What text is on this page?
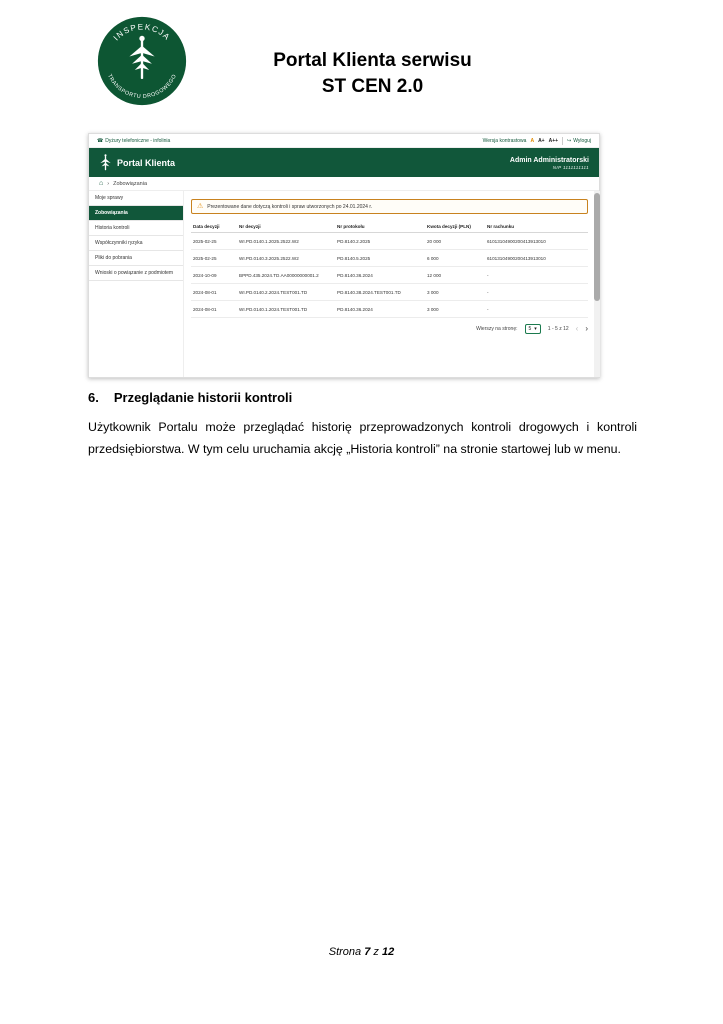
INSPEKCJA
TRANSPORTU DROGOWEGO
Portal Klienta serwisu
ST CEN 2.0
☎ Dyżury telefoniczne - infolinia	Wersja kontrastowa A A+ A++ ↪ Wyloguj
Portal Klienta	Admin Administratorski
NIP 1111111111
⌂ › Zobowiązania
Moje sprawy
Zobowiązania
Historia kontroli
Współczynniki ryzyka
Pliki do pobrania
Wnioski o powiązanie z podmiotem
⚠ Prezentowane dane dotyczą kontroli i spraw utworzonych po 24.01.2024 r.
Data decyzji	Nr decyzji	Nr protokołu	Kwota decyzji (PLN)	Nr rachunku
2025-02-25	WI.PD.0140.1.2025.2522.W2	PD.8140.2.2025	20 000	61013104900200413913010
2025-02-25	WI.PD.0140.3.2025.2522.W2	PD.8140.5.2025	6 000	61013104900200413913010
2024-10-09	BPPD.435.2024.TD.AA00000000001.2	PD.8140.36.2024	12 000	-
2024-08-01	WI.PD.0140.2.2024.TEST001.TD	PD.8140.38.2024.TEST001.TD	3 000	-
2024-08-01	WI.PD.0140.1.2024.TEST001.TD	PD.8140.36.2024	3 000	-
Wierszy na stronę: 5 ▾ 1 - 5 z 12 ‹ ›
6. Przeglądanie historii kontroli
Użytkownik Portalu może przeglądać historię przeprowadzonych kontroli drogowych i kontroli przedsiębiorstwa. W tym celu uruchamia akcję „Historia kontroli” na stronie startowej lub w menu.
Strona 7 z 12
